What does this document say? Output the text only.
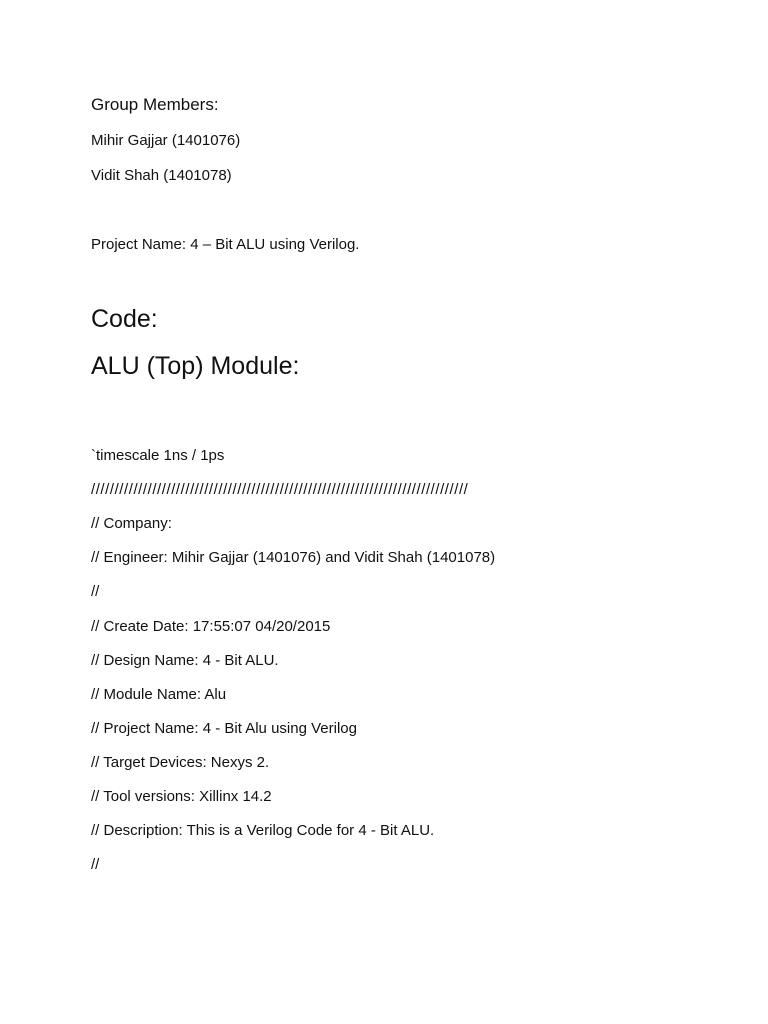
Group Members:
Mihir Gajjar (1401076)
Vidit Shah (1401078)
Project Name: 4 – Bit ALU using Verilog.
Code:
ALU (Top) Module:
`timescale 1ns / 1ps
////////////////////////////////////////////////////////////////////////////////
// Company:
// Engineer: Mihir Gajjar (1401076) and Vidit Shah (1401078)
//
// Create Date: 17:55:07 04/20/2015
// Design Name: 4 - Bit ALU.
// Module Name: Alu
// Project Name: 4 - Bit Alu using Verilog
// Target Devices: Nexys 2.
// Tool versions: Xillinx 14.2
// Description: This is a Verilog Code for 4 - Bit ALU.
//
